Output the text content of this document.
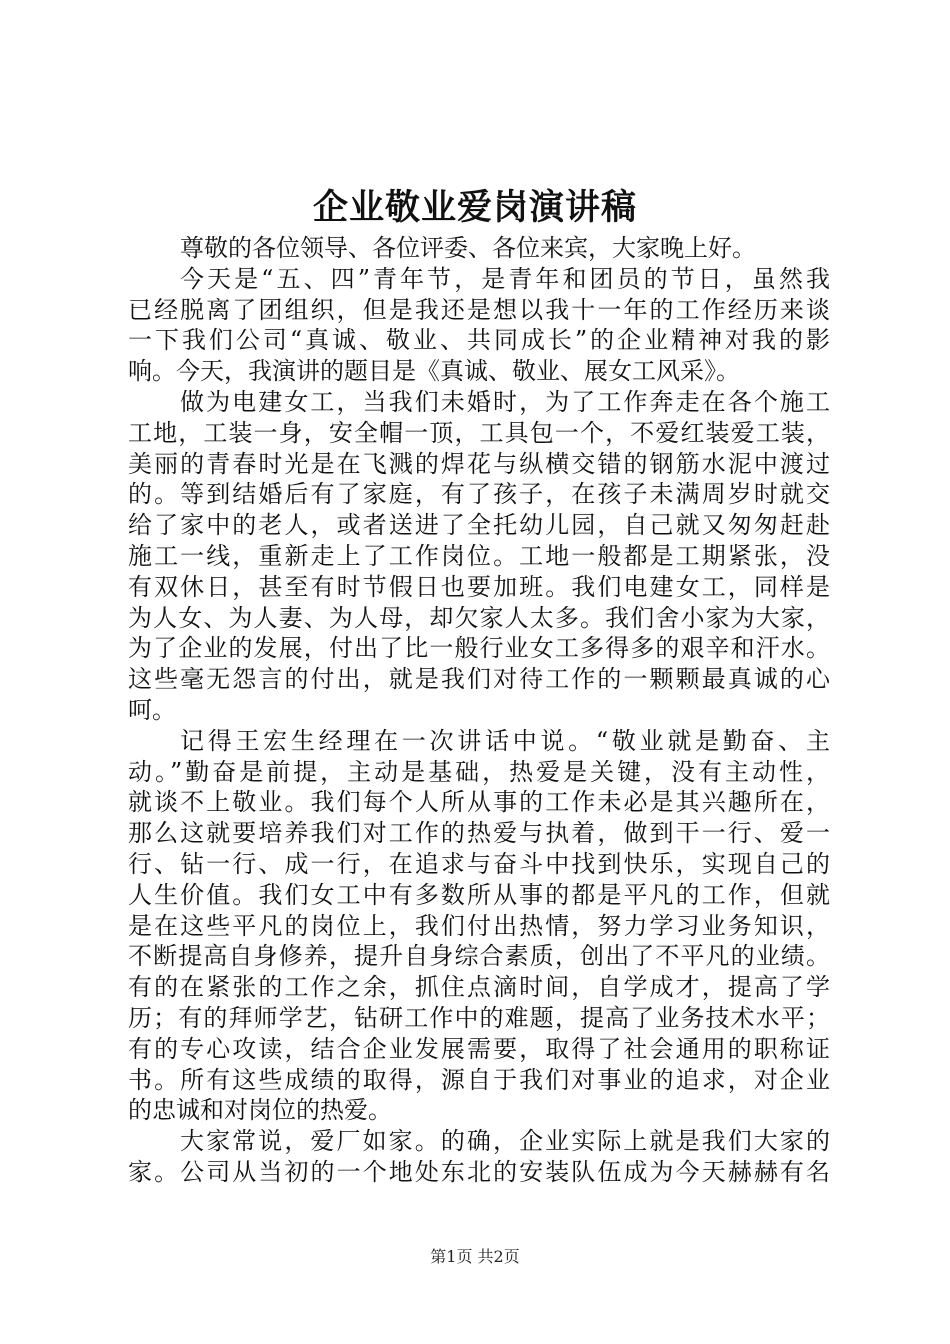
企业敬业爱岗演讲稿
尊敬的各位领导、各位评委、各位来宾，大家晚上好。
今天是“五、四”青年节，是青年和团员的节日，虽然我
已经脱离了团组织，但是我还是想以我十一年的工作经历来谈
一下我们公司“真诚、敬业、共同成长”的企业精神对我的影
响。今天，我演讲的题目是《真诚、敬业、展女工风采》。
做为电建女工，当我们未婚时，为了工作奔走在各个施工
工地，工装一身，安全帽一顶，工具包一个，不爱红装爱工装，
美丽的青春时光是在飞溅的焊花与纵横交错的钢筋水泥中渡过
的。等到结婚后有了家庭，有了孩子，在孩子未满周岁时就交
给了家中的老人，或者送进了全托幼儿园，自己就又匆匆赶赴
施工一线，重新走上了工作岗位。工地一般都是工期紧张，没
有双休日，甚至有时节假日也要加班。我们电建女工，同样是
为人女、为人妻、为人母，却欠家人太多。我们舍小家为大家，
为了企业的发展，付出了比一般行业女工多得多的艰辛和汗水。
这些毫无怨言的付出，就是我们对待工作的一颗颗最真诚的心
呵。
记得王宏生经理在一次讲话中说。“敬业就是勤奋、主
动。”勤奋是前提，主动是基础，热爱是关键，没有主动性，
就谈不上敬业。我们每个人所从事的工作未必是其兴趣所在，
那么这就要培养我们对工作的热爱与执着，做到干一行、爱一
行、钻一行、成一行，在追求与奋斗中找到快乐，实现自己的
人生价值。我们女工中有多数所从事的都是平凡的工作，但就
是在这些平凡的岗位上，我们付出热情，努力学习业务知识，
不断提高自身修养，提升自身综合素质，创出了不平凡的业绩。
有的在紧张的工作之余，抓住点滴时间，自学成才，提高了学
历；有的拜师学艺，钻研工作中的难题，提高了业务技术水平；
有的专心攻读，结合企业发展需要，取得了社会通用的职称证
书。所有这些成绩的取得，源自于我们对事业的追求，对企业
的忠诚和对岗位的热爱。
大家常说，爱厂如家。的确，企业实际上就是我们大家的
家。公司从当初的一个地处东北的安装队伍成为今天赫赫有名
第1页 共2页
